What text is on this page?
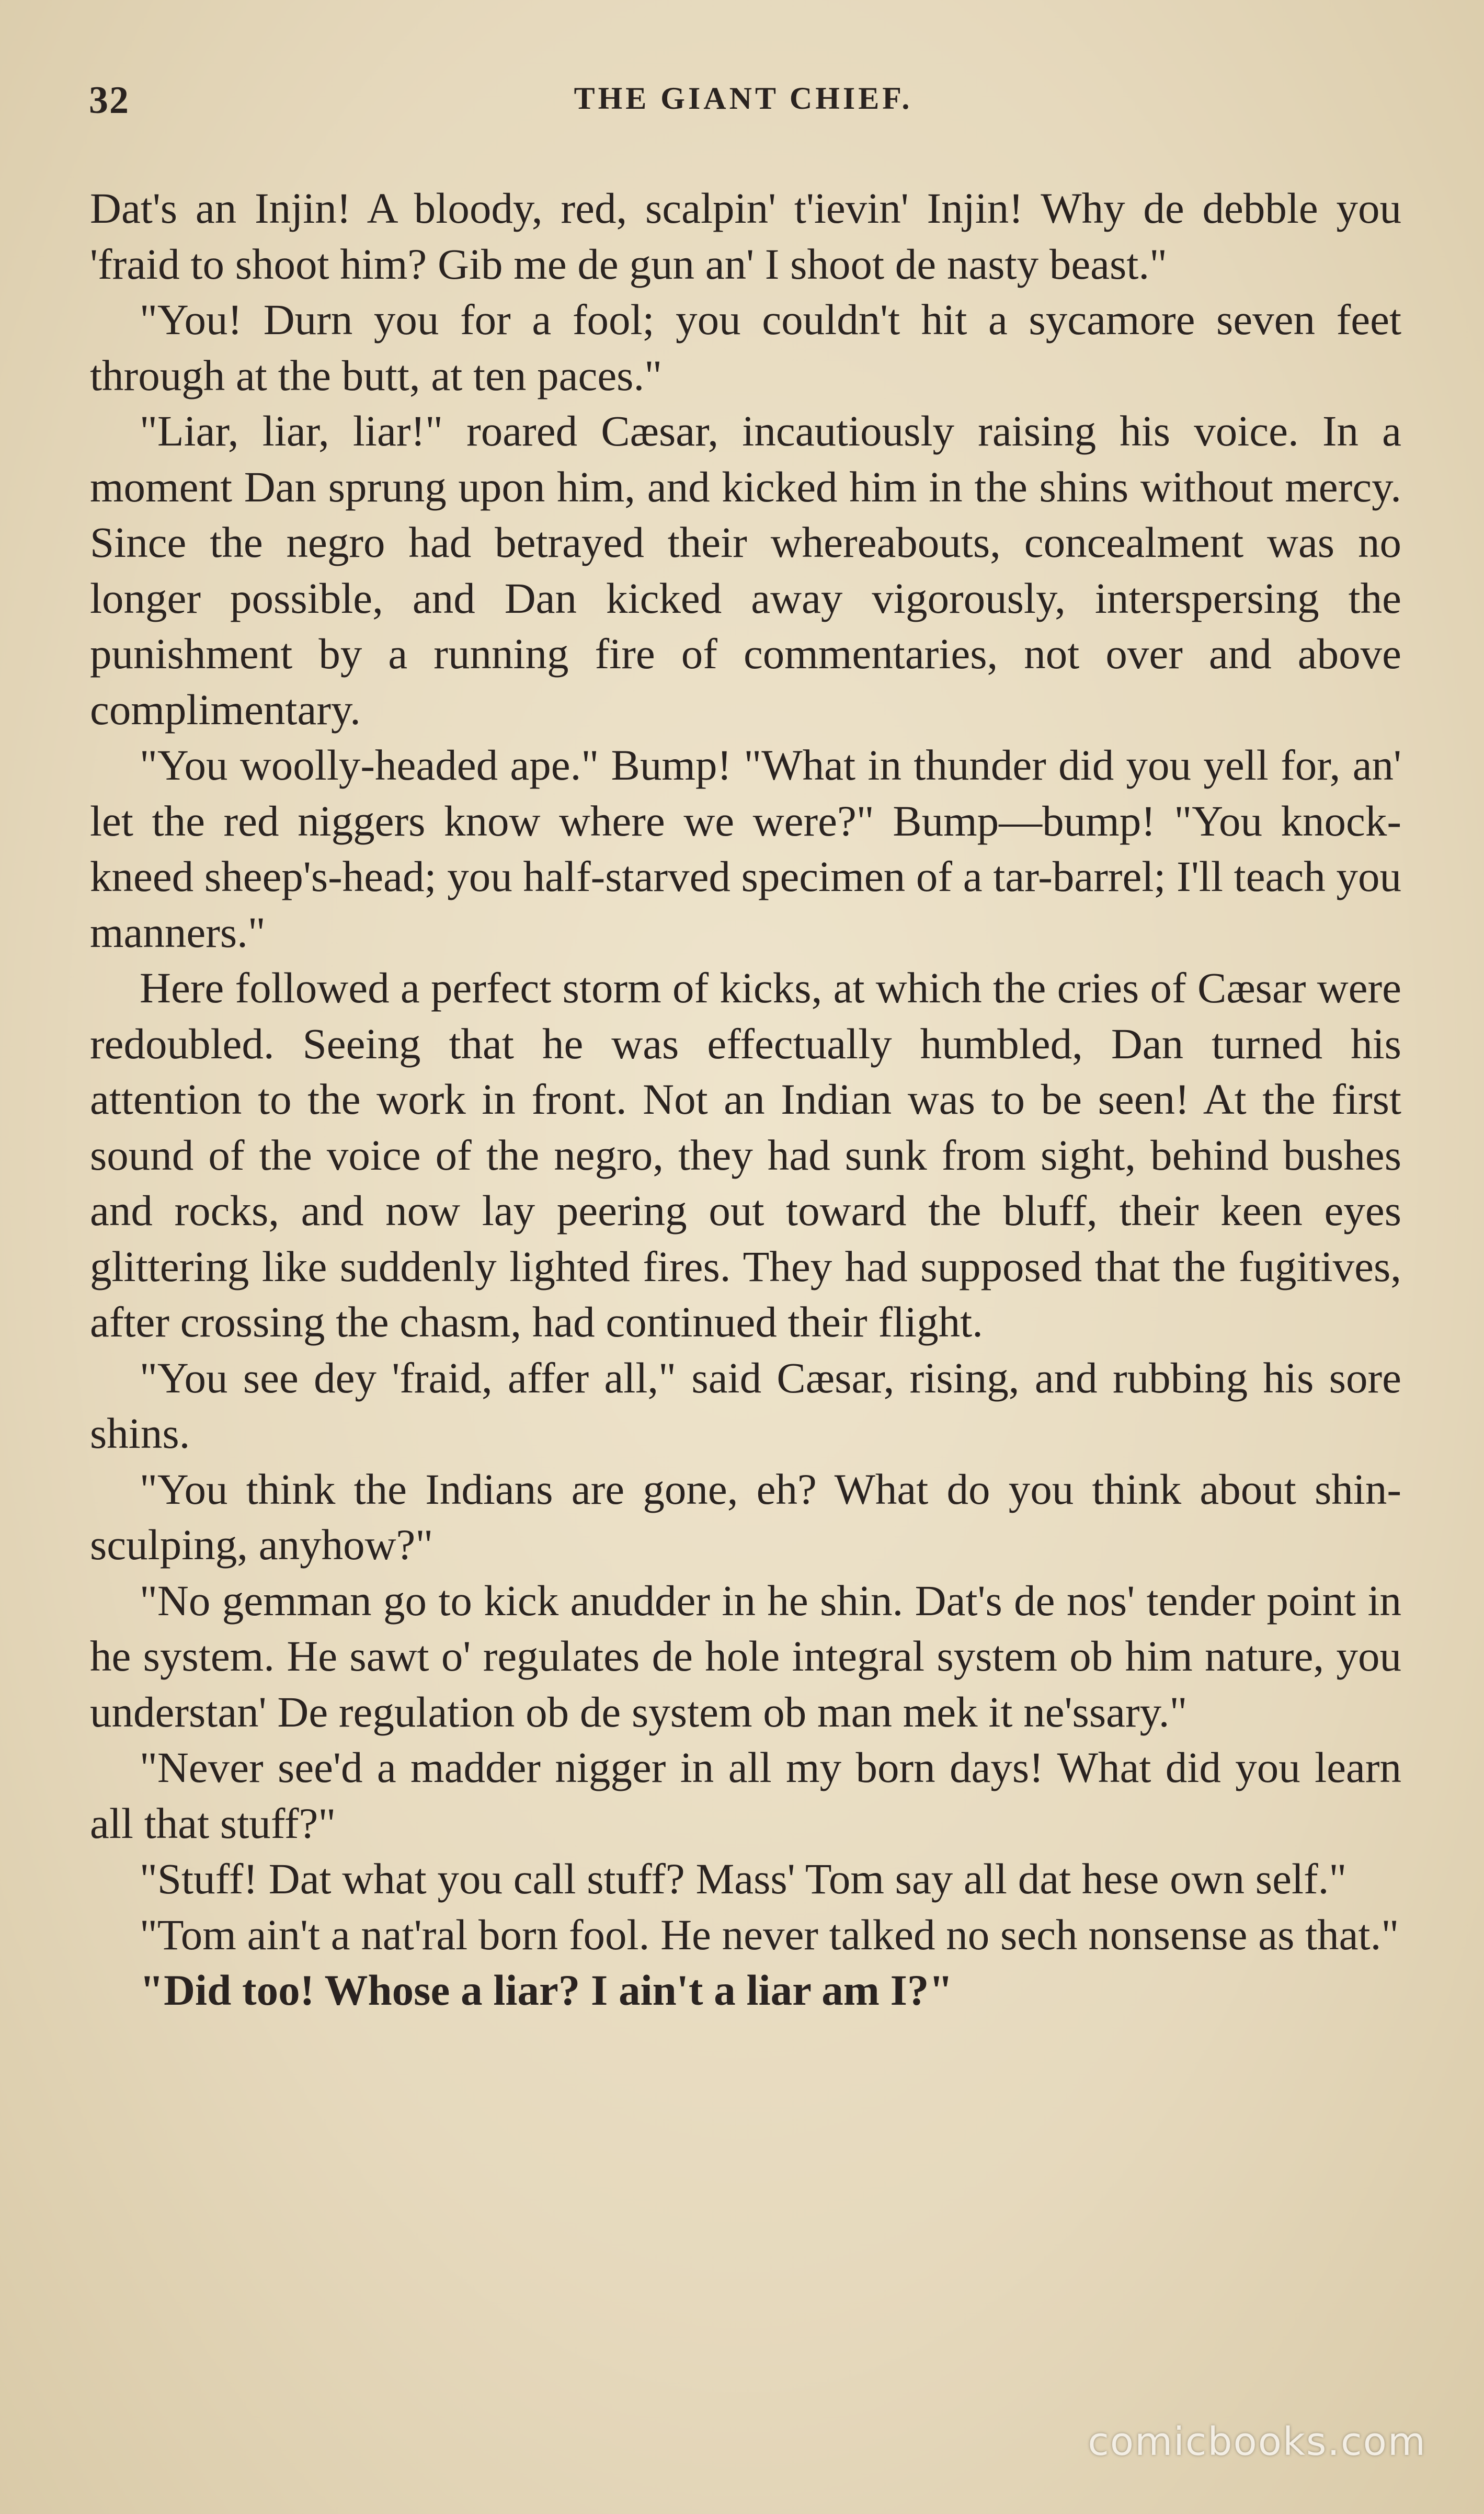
32	THE GIANT CHIEF.

Dat's an Injin! A bloody, red, scalpin' t'ievin' Injin! Why de debble you 'fraid to shoot him? Gib me de gun an' I shoot de nasty beast."

"You! Durn you for a fool; you couldn't hit a sycamore seven feet through at the butt, at ten paces."

"Liar, liar, liar!" roared Cæsar, incautiously raising his voice. In a moment Dan sprung upon him, and kicked him in the shins without mercy. Since the negro had betrayed their whereabouts, concealment was no longer possible, and Dan kicked away vigorously, interspersing the punishment by a running fire of commentaries, not over and above complimentary.

"You woolly-headed ape." Bump! "What in thunder did you yell for, an' let the red niggers know where we were?" Bump—bump! "You knock-kneed sheep's-head; you half-starved specimen of a tar-barrel; I'll teach you manners."

Here followed a perfect storm of kicks, at which the cries of Cæsar were redoubled. Seeing that he was effectually humbled, Dan turned his attention to the work in front. Not an Indian was to be seen! At the first sound of the voice of the negro, they had sunk from sight, behind bushes and rocks, and now lay peering out toward the bluff, their keen eyes glittering like suddenly lighted fires. They had supposed that the fugitives, after crossing the chasm, had continued their flight.

"You see dey 'fraid, affer all," said Cæsar, rising, and rubbing his sore shins.

"You think the Indians are gone, eh? What do you think about shin-sculping, anyhow?"

"No gemman go to kick anudder in he shin. Dat's de nos' tender point in he system. He sawt o' regulates de hole integral system ob him nature, you understan' De regulation ob de system ob man mek it ne'ssary."

"Never see'd a madder nigger in all my born days! What did you learn all that stuff?"

"Stuff! Dat what you call stuff? Mass' Tom say all dat hese own self."

"Tom ain't a nat'ral born fool. He never talked no sech nonsense as that."

"Did too! Whose a liar? I ain't a liar am I?"

comicbooks.com
